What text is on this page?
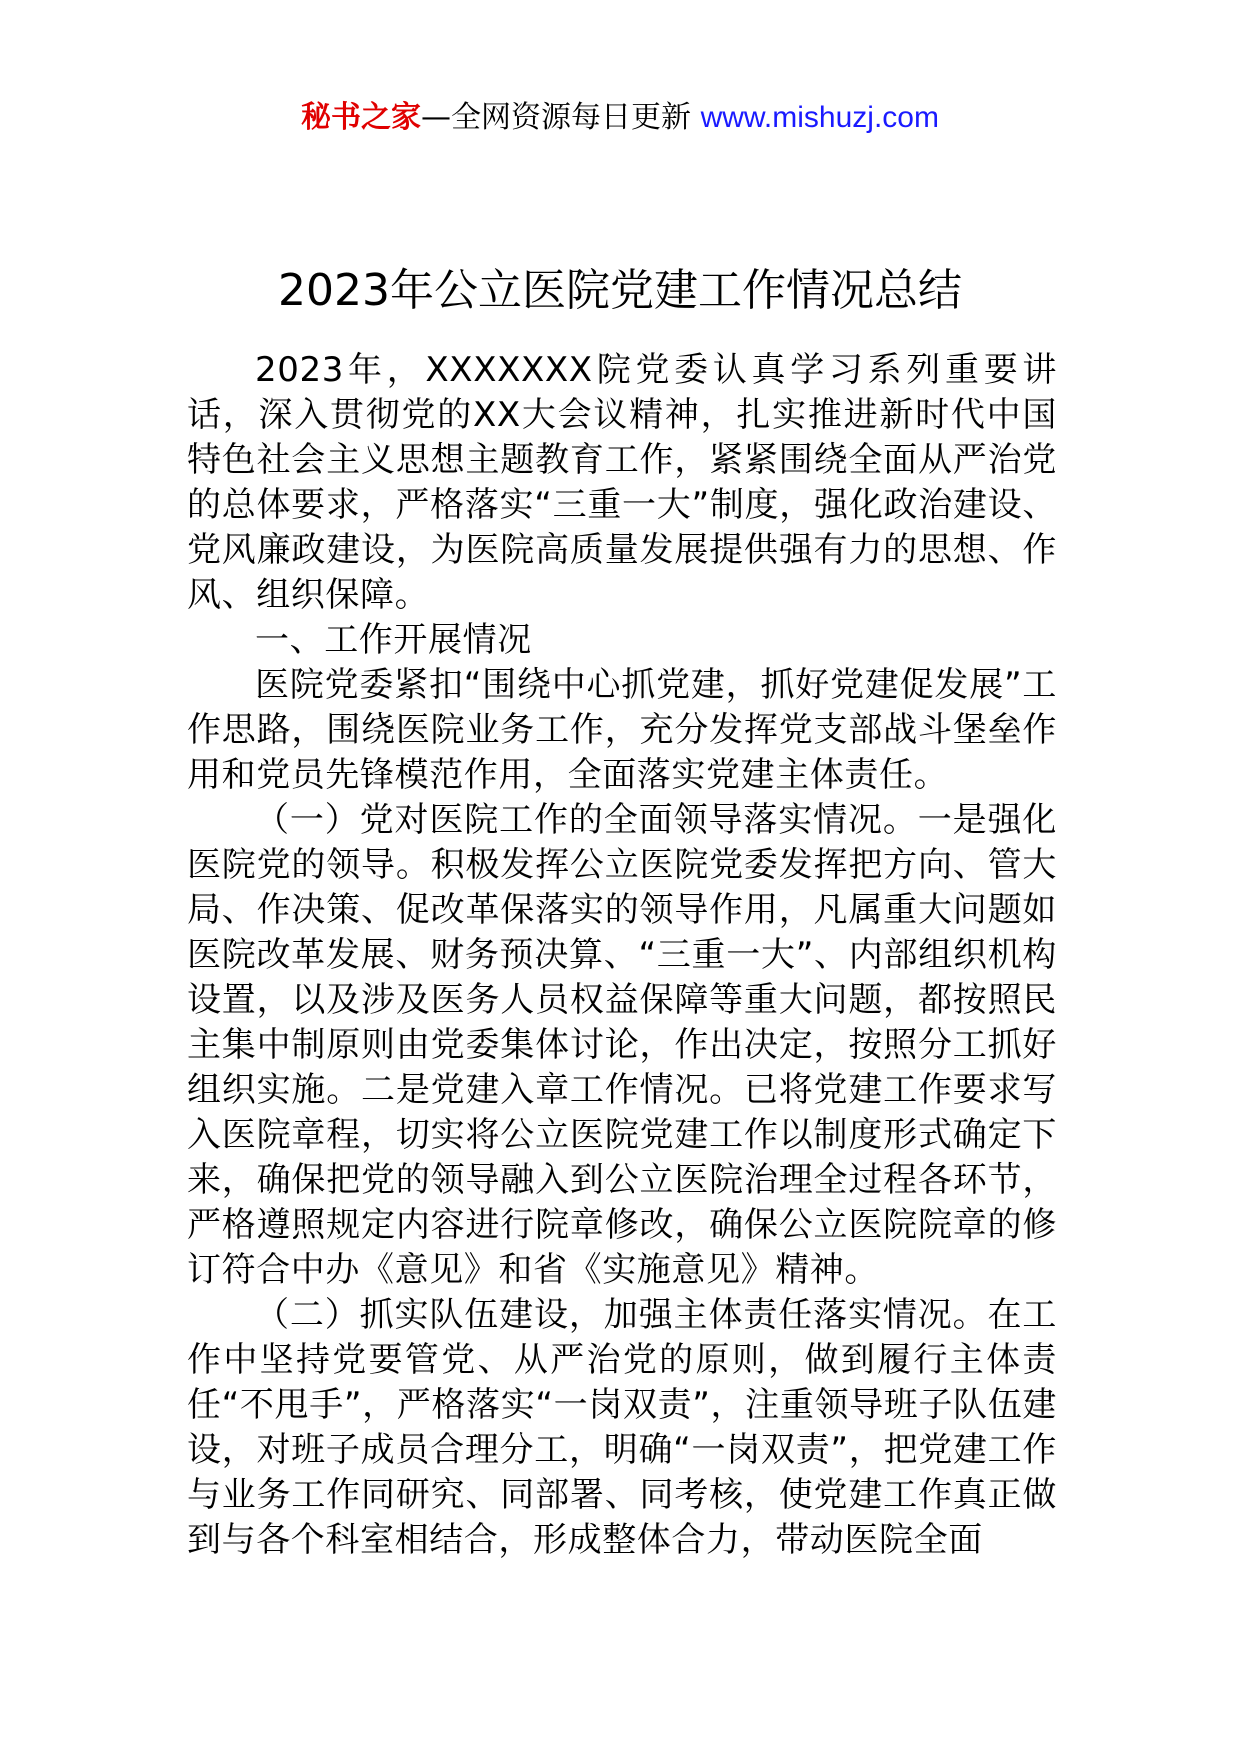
秘书之家—全网资源每日更新 www.mishuzj.com
2023年公立医院党建工作情况总结

2023年，XXXXXXX院党委认真学习系列重要讲话，深入贯彻党的XX大会议精神，扎实推进新时代中国特色社会主义思想主题教育工作，紧紧围绕全面从严治党的总体要求，严格落实“三重一大”制度，强化政治建设、党风廉政建设，为医院高质量发展提供强有力的思想、作风、组织保障。

一、工作开展情况

医院党委紧扣“围绕中心抓党建，抓好党建促发展”工作思路，围绕医院业务工作，充分发挥党支部战斗堡垒作用和党员先锋模范作用，全面落实党建主体责任。

（一）党对医院工作的全面领导落实情况。一是强化医院党的领导。积极发挥公立医院党委发挥把方向、管大局、作决策、促改革保落实的领导作用，凡属重大问题如医院改革发展、财务预决算、“三重一大”、内部组织机构设置，以及涉及医务人员权益保障等重大问题，都按照民主集中制原则由党委集体讨论，作出决定，按照分工抓好组织实施。二是党建入章工作情况。已将党建工作要求写入医院章程，切实将公立医院党建工作以制度形式确定下来，确保把党的领导融入到公立医院治理全过程各环节，严格遵照规定内容进行院章修改，确保公立医院院章的修订符合中办《意见》和省《实施意见》精神。

（二）抓实队伍建设，加强主体责任落实情况。在工作中坚持党要管党、从严治党的原则，做到履行主体责任“不甩手”，严格落实“一岗双责”，注重领导班子队伍建设，对班子成员合理分工，明确“一岗双责”，把党建工作与业务工作同研究、同部署、同考核，使党建工作真正做到与各个科室相结合，形成整体合力，带动医院全面
